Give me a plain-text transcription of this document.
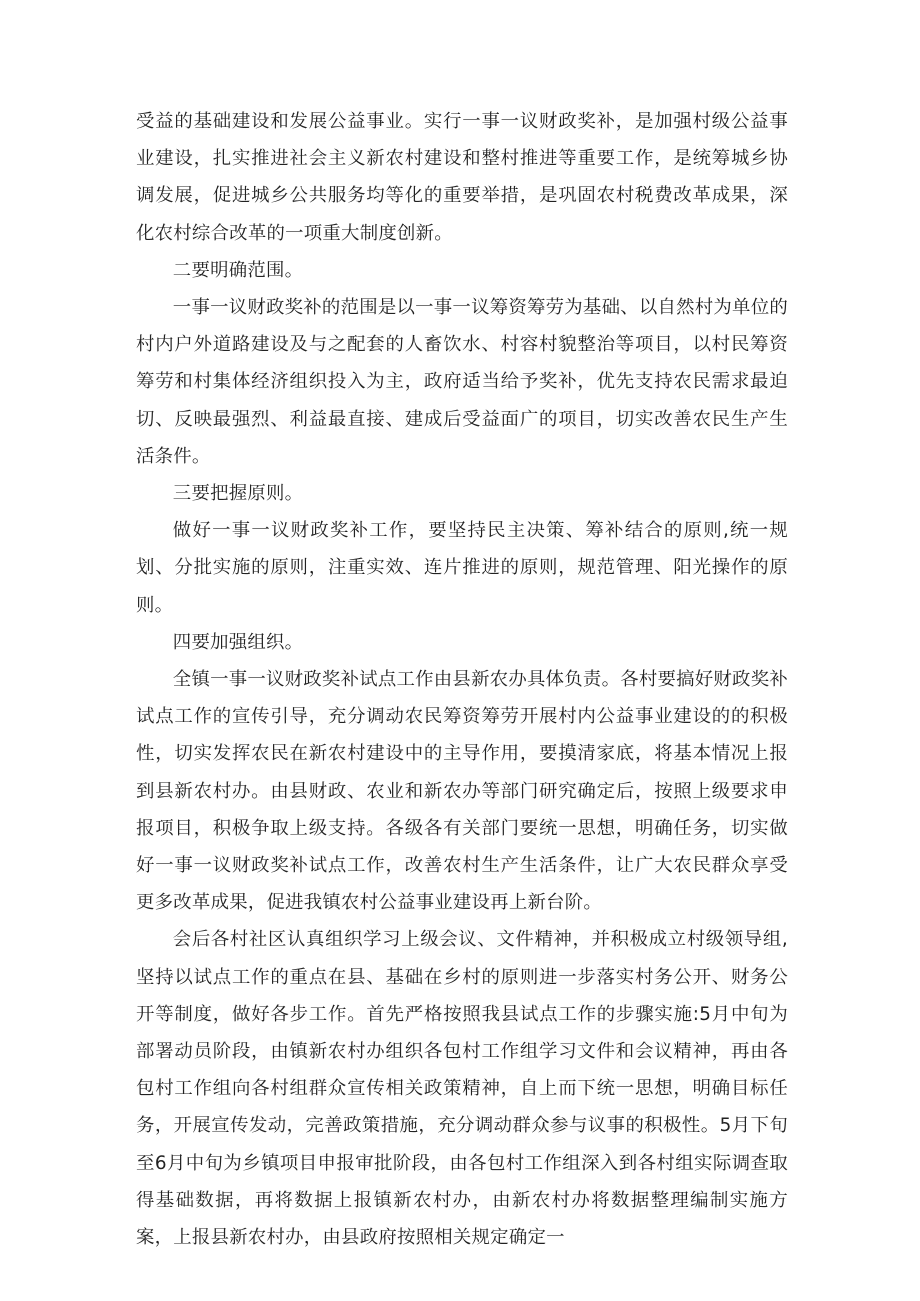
受益的基础建设和发展公益事业。实行一事一议财政奖补，是加强村级公益事业建设，扎实推进社会主义新农村建设和整村推进等重要工作，是统筹城乡协调发展，促进城乡公共服务均等化的重要举措，是巩固农村税费改革成果，深化农村综合改革的一项重大制度创新。

二要明确范围。

一事一议财政奖补的范围是以一事一议筹资筹劳为基础、以自然村为单位的村内户外道路建设及与之配套的人畜饮水、村容村貌整治等项目，以村民筹资筹劳和村集体经济组织投入为主，政府适当给予奖补，优先支持农民需求最迫切、反映最强烈、利益最直接、建成后受益面广的项目，切实改善农民生产生活条件。

三要把握原则。

做好一事一议财政奖补工作，要坚持民主决策、筹补结合的原则,统一规划、分批实施的原则，注重实效、连片推进的原则，规范管理、阳光操作的原则。

四要加强组织。

全镇一事一议财政奖补试点工作由县新农办具体负责。各村要搞好财政奖补试点工作的宣传引导，充分调动农民筹资筹劳开展村内公益事业建设的的积极性，切实发挥农民在新农村建设中的主导作用，要摸清家底，将基本情况上报到县新农村办。由县财政、农业和新农办等部门研究确定后，按照上级要求申报项目，积极争取上级支持。各级各有关部门要统一思想，明确任务，切实做好一事一议财政奖补试点工作，改善农村生产生活条件，让广大农民群众享受更多改革成果，促进我镇农村公益事业建设再上新台阶。

会后各村社区认真组织学习上级会议、文件精神，并积极成立村级领导组,坚持以试点工作的重点在县、基础在乡村的原则进一步落实村务公开、财务公开等制度，做好各步工作。首先严格按照我县试点工作的步骤实施:5月中旬为部署动员阶段，由镇新农村办组织各包村工作组学习文件和会议精神，再由各包村工作组向各村组群众宣传相关政策精神，自上而下统一思想，明确目标任务，开展宣传发动，完善政策措施，充分调动群众参与议事的积极性。5月下旬至6月中旬为乡镇项目申报审批阶段，由各包村工作组深入到各村组实际调查取得基础数据，再将数据上报镇新农村办，由新农村办将数据整理编制实施方案，上报县新农村办，由县政府按照相关规定确定一
